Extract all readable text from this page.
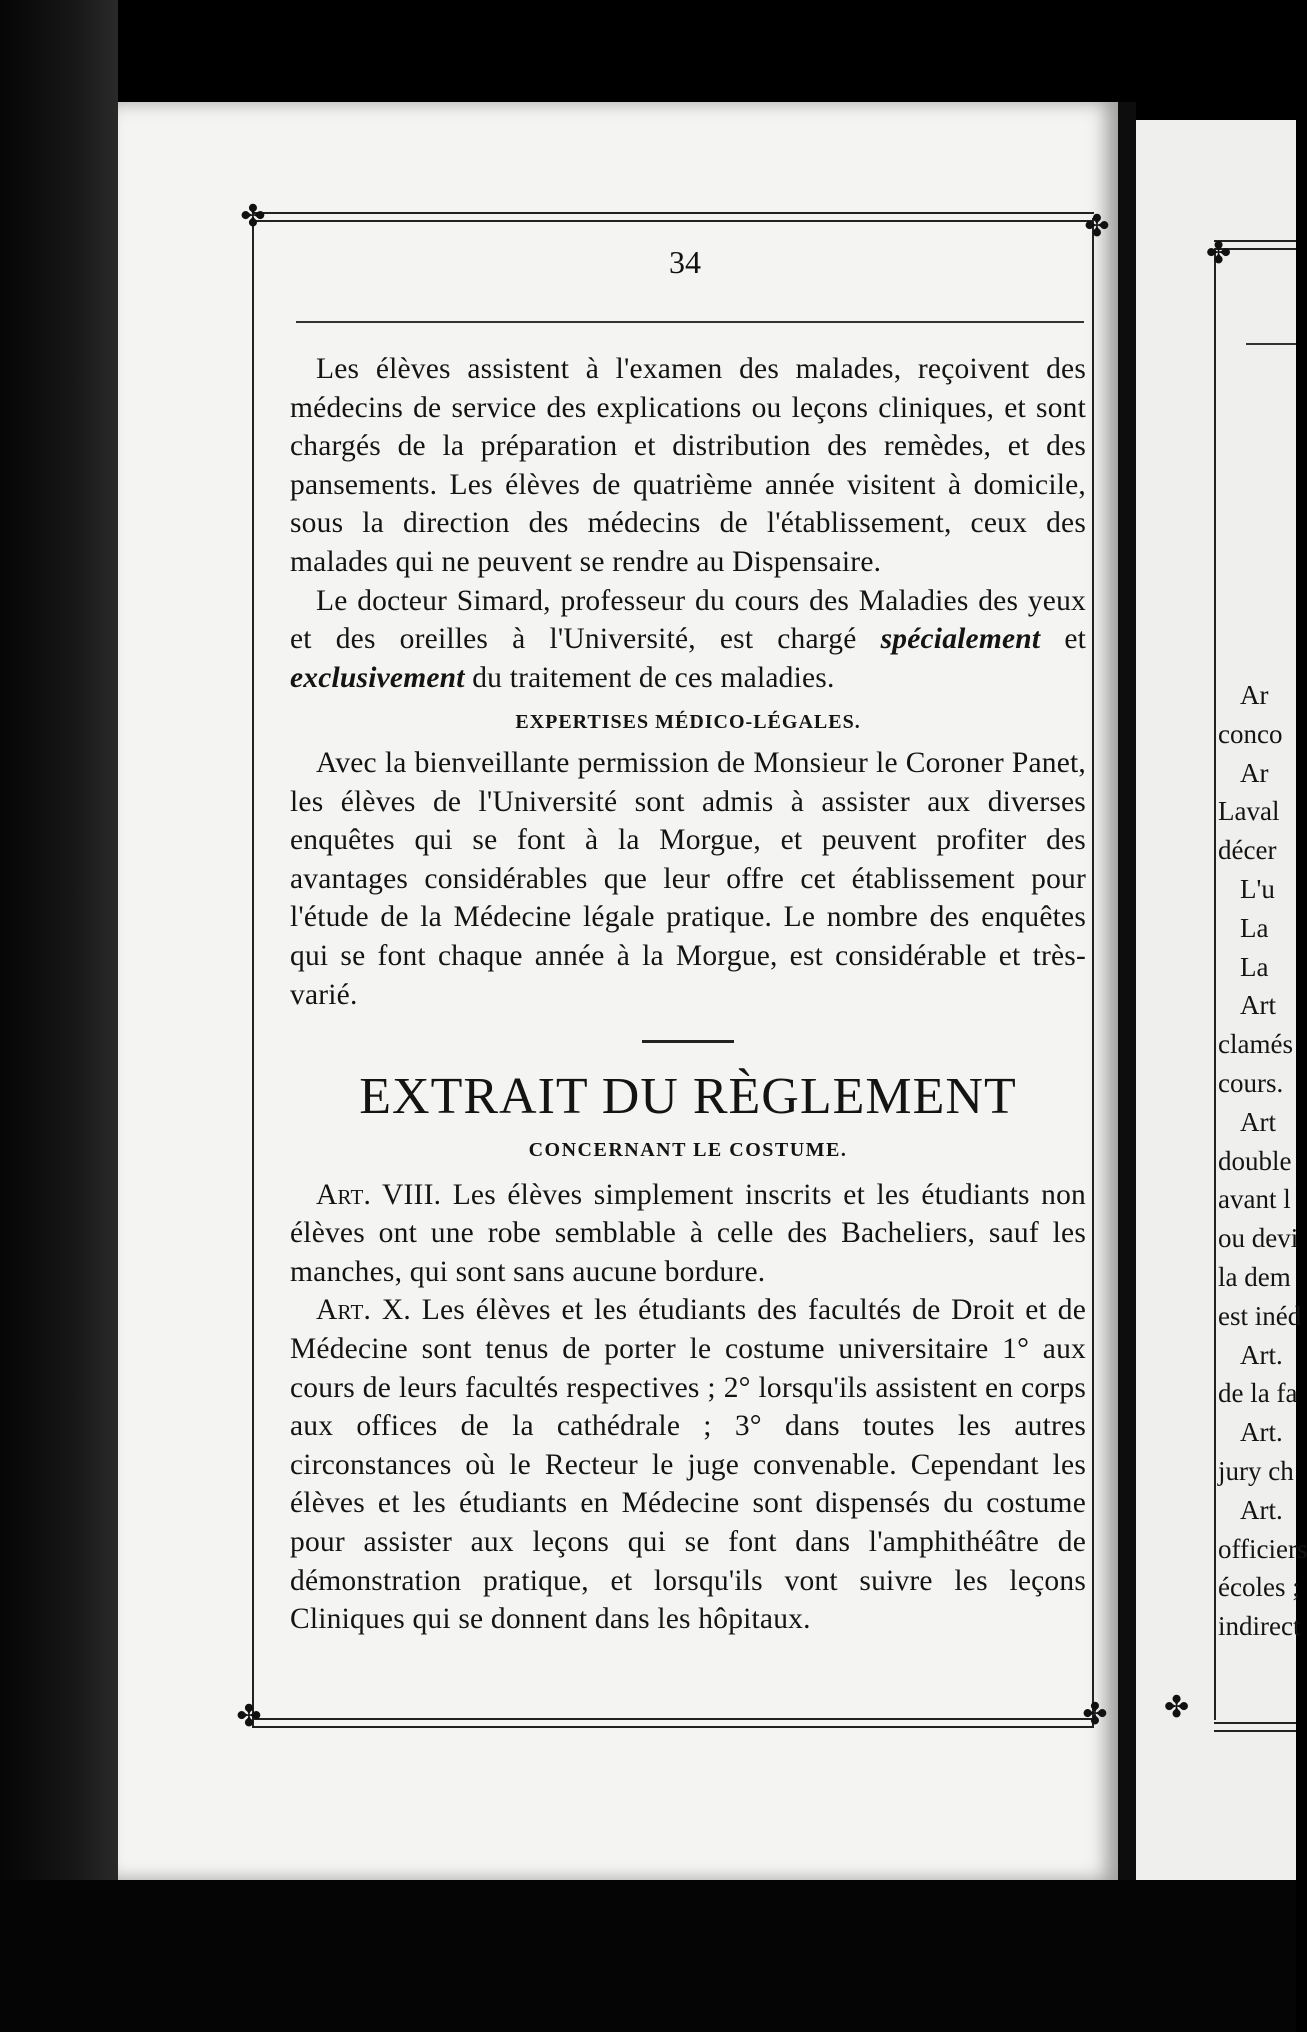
✤	✤
✤	✤
34

Les élèves assistent à l'examen des malades, reçoivent des médecins de service des explications ou leçons cliniques, et sont chargés de la préparation et distribution des remèdes, et des pansements. Les élèves de quatrième année visitent à domicile, sous la direction des médecins de l'établissement, ceux des malades qui ne peuvent se rendre au Dispensaire.

Le docteur Simard, professeur du cours des Maladies des yeux et des oreilles à l'Université, est chargé spécialement et exclusivement du traitement de ces maladies.

EXPERTISES MÉDICO-LÉGALES.

Avec la bienveillante permission de Monsieur le Coroner Panet, les élèves de l'Université sont admis à assister aux diverses enquêtes qui se font à la Morgue, et peuvent profiter des avantages considérables que leur offre cet établissement pour l'étude de la Médecine légale pratique. Le nombre des enquêtes qui se font chaque année à la Morgue, est considérable et très-varié.

EXTRAIT DU RÈGLEMENT
CONCERNANT LE COSTUME.

Art. VIII. Les élèves simplement inscrits et les étudiants non élèves ont une robe semblable à celle des Bacheliers, sauf les manches, qui sont sans aucune bordure.

Art. X. Les élèves et les étudiants des facultés de Droit et de Médecine sont tenus de porter le costume universitaire 1° aux cours de leurs facultés respectives ; 2° lorsqu'ils assistent en corps aux offices de la cathédrale ; 3° dans toutes les autres circonstances où le Recteur le juge convenable. Cependant les élèves et les étudiants en Médecine sont dispensés du costume pour assister aux leçons qui se font dans l'amphithéâtre de démonstration pratique, et lorsqu'ils vont suivre les leçons Cliniques qui se donnent dans les hôpitaux.

✤
✤
Ar
conco
Ar
Laval
décer
L'u
La
La
Art
clamés
cours.
Art
double
avant l
ou devi
la dem
est inéd
Art.
de la fa
Art.
jury ch
Art.
officiers
écoles ;
indirect
